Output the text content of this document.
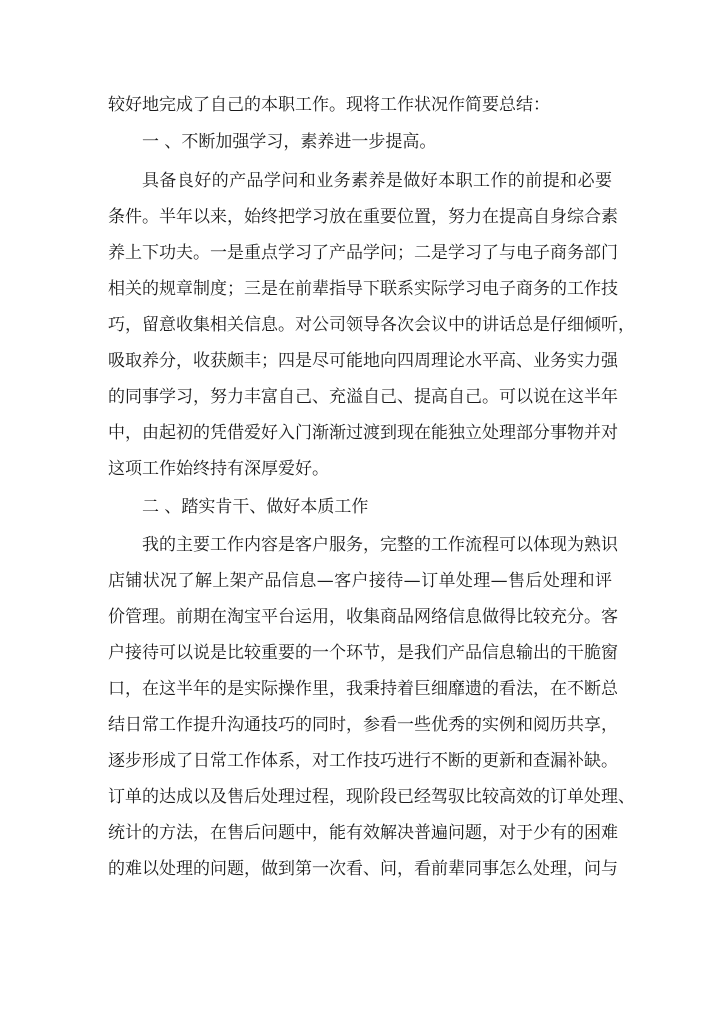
较好地完成了自己的本职工作。现将工作状况作简要总结：
一 、不断加强学习，素养进一步提高。
具备良好的产品学问和业务素养是做好本职工作的前提和必要
条件。半年以来，始终把学习放在重要位置，努力在提高自身综合素
养上下功夫。一是重点学习了产品学问；二是学习了与电子商务部门
相关的规章制度；三是在前辈指导下联系实际学习电子商务的工作技
巧，留意收集相关信息。对公司领导各次会议中的讲话总是仔细倾听，
吸取养分，收获颇丰；四是尽可能地向四周理论水平高、业务实力强
的同事学习，努力丰富自己、充溢自己、提高自己。可以说在这半年
中，由起初的凭借爱好入门渐渐过渡到现在能独立处理部分事物并对
这项工作始终持有深厚爱好。
二 、踏实肯干、做好本质工作
我的主要工作内容是客户服务，完整的工作流程可以体现为熟识
店铺状况了解上架产品信息—客户接待—订单处理—售后处理和评
价管理。前期在淘宝平台运用，收集商品网络信息做得比较充分。客
户接待可以说是比较重要的一个环节，是我们产品信息输出的干脆窗
口，在这半年的是实际操作里，我秉持着巨细靡遗的看法，在不断总
结日常工作提升沟通技巧的同时，参看一些优秀的实例和阅历共享，
逐步形成了日常工作体系，对工作技巧进行不断的更新和查漏补缺。
订单的达成以及售后处理过程，现阶段已经驾驭比较高效的订单处理、
统计的方法，在售后问题中，能有效解决普遍问题，对于少有的困难
的难以处理的问题，做到第一次看、问，看前辈同事怎么处理，问与
